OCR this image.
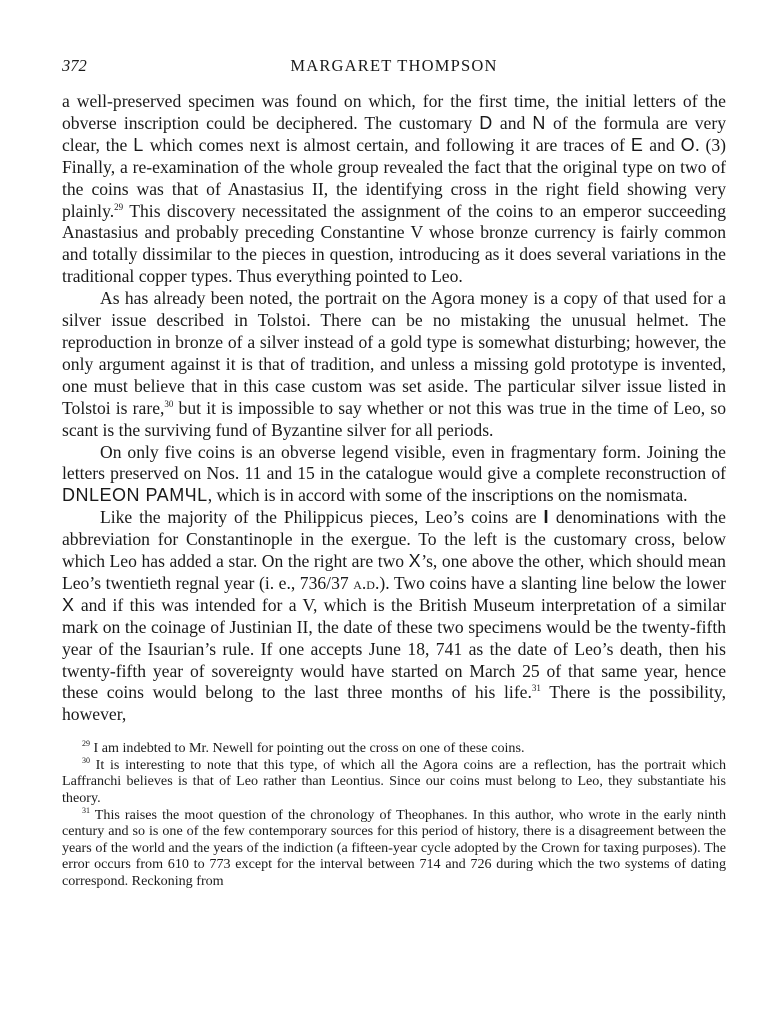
372	MARGARET THOMPSON

a well-preserved specimen was found on which, for the first time, the initial letters of the obverse inscription could be deciphered. The customary D and N of the formula are very clear, the L which comes next is almost certain, and following it are traces of E and O. (3) Finally, a re-examination of the whole group revealed the fact that the original type on two of the coins was that of Anastasius II, the identifying cross in the right field showing very plainly.$^{29}$ This discovery necessitated the assignment of the coins to an emperor succeeding Anastasius and probably preceding Constantine V whose bronze currency is fairly common and totally dissimilar to the pieces in question, introducing as it does several variations in the traditional copper types. Thus everything pointed to Leo.

As has already been noted, the portrait on the Agora money is a copy of that used for a silver issue described in Tolstoi. There can be no mistaking the unusual helmet. The reproduction in bronze of a silver instead of a gold type is somewhat disturbing; however, the only argument against it is that of tradition, and unless a missing gold prototype is invented, one must believe that in this case custom was set aside. The particular silver issue listed in Tolstoi is rare,$^{30}$ but it is impossible to say whether or not this was true in the time of Leo, so scant is the surviving fund of Byzantine silver for all periods.

On only five coins is an obverse legend visible, even in fragmentary form. Joining the letters preserved on Nos. 11 and 15 in the catalogue would give a complete reconstruction of DNLEON PAMЧL, which is in accord with some of the inscriptions on the nomismata.

Like the majority of the Philippicus pieces, Leo’s coins are I denominations with the abbreviation for Constantinople in the exergue. To the left is the customary cross, below which Leo has added a star. On the right are two X’s, one above the other, which should mean Leo’s twentieth regnal year (i. e., 736/37 a.d.). Two coins have a slanting line below the lower X and if this was intended for a V, which is the British Museum interpretation of a similar mark on the coinage of Justinian II, the date of these two specimens would be the twenty-fifth year of the Isaurian’s rule. If one accepts June 18, 741 as the date of Leo’s death, then his twenty-fifth year of sovereignty would have started on March 25 of that same year, hence these coins would belong to the last three months of his life.$^{31}$ There is the possibility, however,

$^{29}$ I am indebted to Mr. Newell for pointing out the cross on one of these coins.

$^{30}$ It is interesting to note that this type, of which all the Agora coins are a reflection, has the portrait which Laffranchi believes is that of Leo rather than Leontius. Since our coins must belong to Leo, they substantiate his theory.

$^{31}$ This raises the moot question of the chronology of Theophanes. In this author, who wrote in the early ninth century and so is one of the few contemporary sources for this period of history, there is a disagreement between the years of the world and the years of the indiction (a fifteen-year cycle adopted by the Crown for taxing purposes). The error occurs from 610 to 773 except for the interval between 714 and 726 during which the two systems of dating correspond. Reckoning from
